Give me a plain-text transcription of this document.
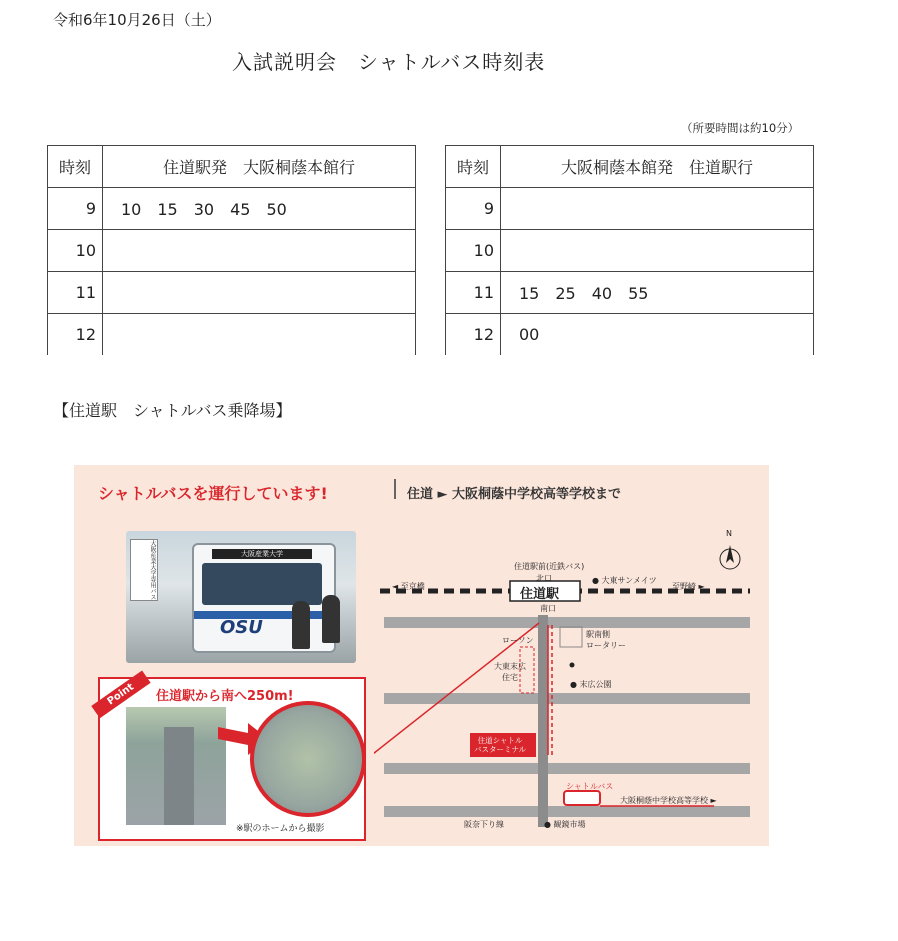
令和6年10月26日（土）
入試説明会　シャトルバス時刻表
（所要時間は約10分）
時刻	住道駅発　大阪桐蔭本館行
9	10　15　30　45　50
10	
11	
12	
時刻	大阪桐蔭本館発　住道駅行
9	
10	
11	15　25　40　55
12	00
【住道駅　シャトルバス乗降場】
シャトルバスを運行しています!	住道 ► 大阪桐蔭中学校高等学校まで
大阪産業大学専用バス	大阪産業大学
OSU
Point	住道駅から南へ250m!
※駅のホームから撮影
◄ 至京橋	至野崎 ►
住道駅前(近鉄バス)
北口	● 大東サンメイツ
住道駅
南口
ローソン
駅南側
ロータリー
大東末広
住宅
● 末広公園
住道シャトル
バスターミナル
シャトルバス
大阪桐蔭中学校高等学校 ►
阪奈下り線	● 観鏡市場
N
